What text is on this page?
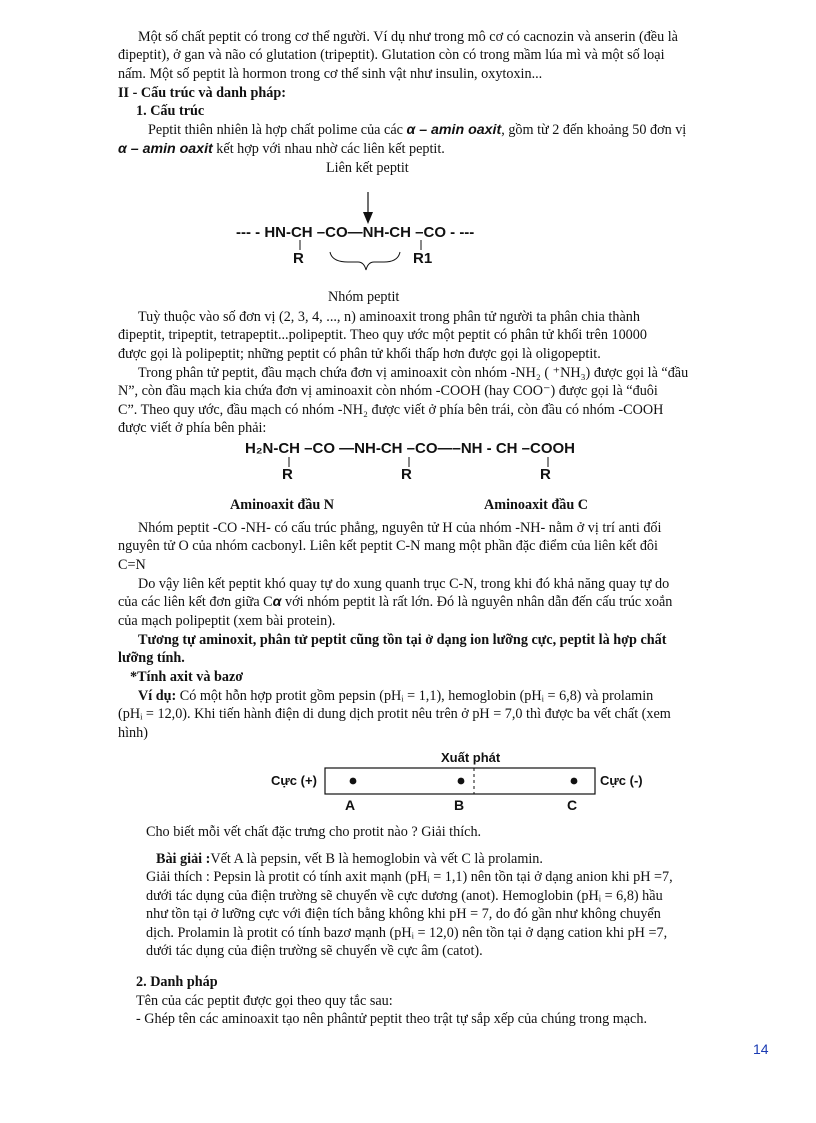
Một số chất peptit có trong cơ thể người. Ví dụ như trong mô cơ có cacnozin và anserin (đều là
đipeptit), ở gan và não có glutation (tripeptit). Glutation còn có trong mầm lúa mì và một số loại
nấm. Một số peptit là hormon trong cơ thể sinh vật như insulin, oxytoxin...
II - Cấu trúc và danh pháp:
1. Cấu trúc
Peptit thiên nhiên là hợp chất polime của các α – amin oaxit, gồm từ 2 đến khoảng 50 đơn vị
α – amin oaxit kết hợp với nhau nhờ các liên kết peptit.
Liên kết peptit
--- - HN-CH –CO—NH-CH –CO - ---
R	R1
Nhóm peptit
Tuỳ thuộc vào số đơn vị (2, 3, 4, ..., n) aminoaxit trong phân tử người ta phân chia thành
đipeptit, tripeptit, tetrapeptit...polipeptit. Theo quy ước một peptit có phân tử khối trên 10000
được gọi là polipeptit; những peptit có phân tử khối thấp hơn được gọi là oligopeptit.
Trong phân tử peptit, đầu mạch chứa đơn vị aminoaxit còn nhóm -NH₂ ( ⁺NH₃) được gọi là “đầu
N”, còn đầu mạch kia chứa đơn vị aminoaxit còn nhóm -COOH (hay COO⁻) được gọi là “đuôi
C”. Theo quy ước, đầu mạch có nhóm -NH₂ được viết ở phía bên trái, còn đầu có nhóm -COOH
được viết ở phía bên phải:
H₂N-CH –CO —NH-CH –CO—–NH - CH –COOH
R	R	R
Aminoaxit đầu N	Aminoaxit đầu C
Nhóm peptit -CO -NH- có cấu trúc phẳng, nguyên tử H của nhóm -NH- nằm ở vị trí anti đối
nguyên tử O của nhóm cacbonyl. Liên kết peptit C-N mang một phần đặc điểm của liên kết đôi
C=N
Do vậy liên kết peptit khó quay tự do xung quanh trục C-N, trong khi đó khả năng quay tự do
của các liên kết đơn giữa Cα với nhóm peptit là rất lớn. Đó là nguyên nhân dẫn đến cấu trúc xoắn
của mạch polipeptit (xem bài protein).
Tương tự aminoxit, phân tử peptit cũng tồn tại ở dạng ion lưỡng cực, peptit là hợp chất
lưỡng tính.
*Tính axit và bazơ
Ví dụ: Có một hỗn hợp protit gồm pepsin (pHᵢ = 1,1), hemoglobin (pHᵢ = 6,8) và prolamin
(pHᵢ = 12,0). Khi tiến hành điện di dung dịch protit nêu trên ở pH = 7,0 thì được ba vết chất (xem
hình)
Xuất phát
Cực (+)	Cực (-)
A	B	C
Cho biết mỗi vết chất đặc trưng cho protit nào ? Giải thích.
Bài giải :Vết A là pepsin, vết B là hemoglobin và vết C là prolamin.
Giải thích : Pepsin là protit có tính axit mạnh (pHᵢ = 1,1) nên tồn tại ở dạng anion khi pH =7,
dưới tác dụng của điện trường sẽ chuyển về cực dương (anot). Hemoglobin (pHᵢ = 6,8) hầu
như tồn tại ở lưỡng cực với điện tích bằng không khi pH = 7, do đó gần như không chuyển
dịch. Prolamin là protit có tính bazơ mạnh (pHᵢ = 12,0) nên tồn tại ở dạng cation khi pH =7,
dưới tác dụng của điện trường sẽ chuyển về cực âm (catot).
2. Danh pháp
Tên của các peptit được gọi theo quy tắc sau:
- Ghép tên các aminoaxit tạo nên phântử peptit theo trật tự sắp xếp của chúng trong mạch.
14
